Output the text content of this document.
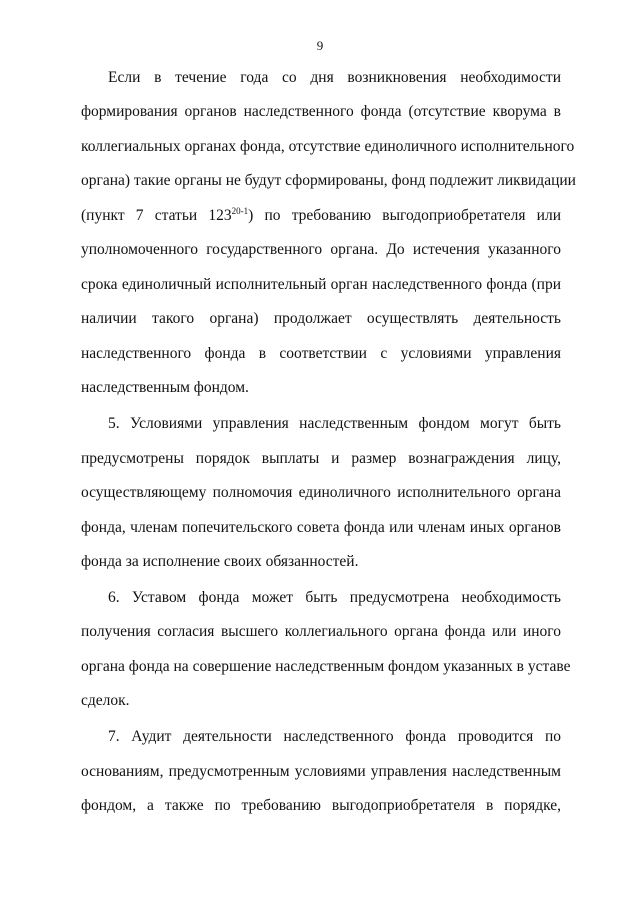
9
Если в течение года со дня возникновения необходимости
формирования органов наследственного фонда (отсутствие кворума в
коллегиальных органах фонда, отсутствие единоличного исполнительного
органа) такие органы не будут сформированы, фонд подлежит ликвидации
(пункт 7 статьи 123$^{20-1}$) по требованию выгодоприобретателя или
уполномоченного государственного органа. До истечения указанного
срока единоличный исполнительный орган наследственного фонда (при
наличии такого органа) продолжает осуществлять деятельность
наследственного фонда в соответствии с условиями управления
наследственным фондом.
5. Условиями управления наследственным фондом могут быть
предусмотрены порядок выплаты и размер вознаграждения лицу,
осуществляющему полномочия единоличного исполнительного органа
фонда, членам попечительского совета фонда или членам иных органов
фонда за исполнение своих обязанностей.
6. Уставом фонда может быть предусмотрена необходимость
получения согласия высшего коллегиального органа фонда или иного
органа фонда на совершение наследственным фондом указанных в уставе
сделок.
7. Аудит деятельности наследственного фонда проводится по
основаниям, предусмотренным условиями управления наследственным
фондом, а также по требованию выгодоприобретателя в порядке,
